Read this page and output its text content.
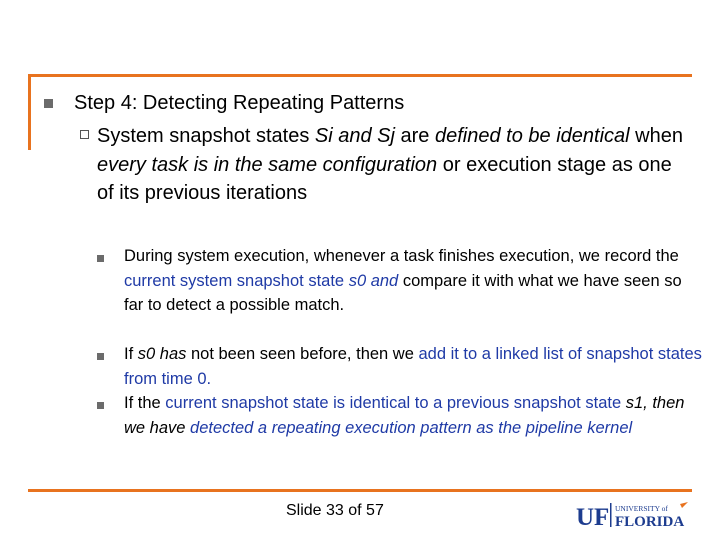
Step 4: Detecting Repeating Patterns
System snapshot states Si and Sj are defined to be identical when every task is in the same configuration or execution stage as one of its previous iterations
During system execution, whenever a task finishes execution, we record the current system snapshot state s0 and compare it with what we have seen so far to detect a possible match.
If s0 has not been seen before, then we add it to a linked list of snapshot states from time 0.
If the current snapshot state is identical to a previous snapshot state s1, then we have detected a repeating execution pattern as the pipeline kernel
Slide 33 of 57	UF UNIVERSITY of
FLORIDA
